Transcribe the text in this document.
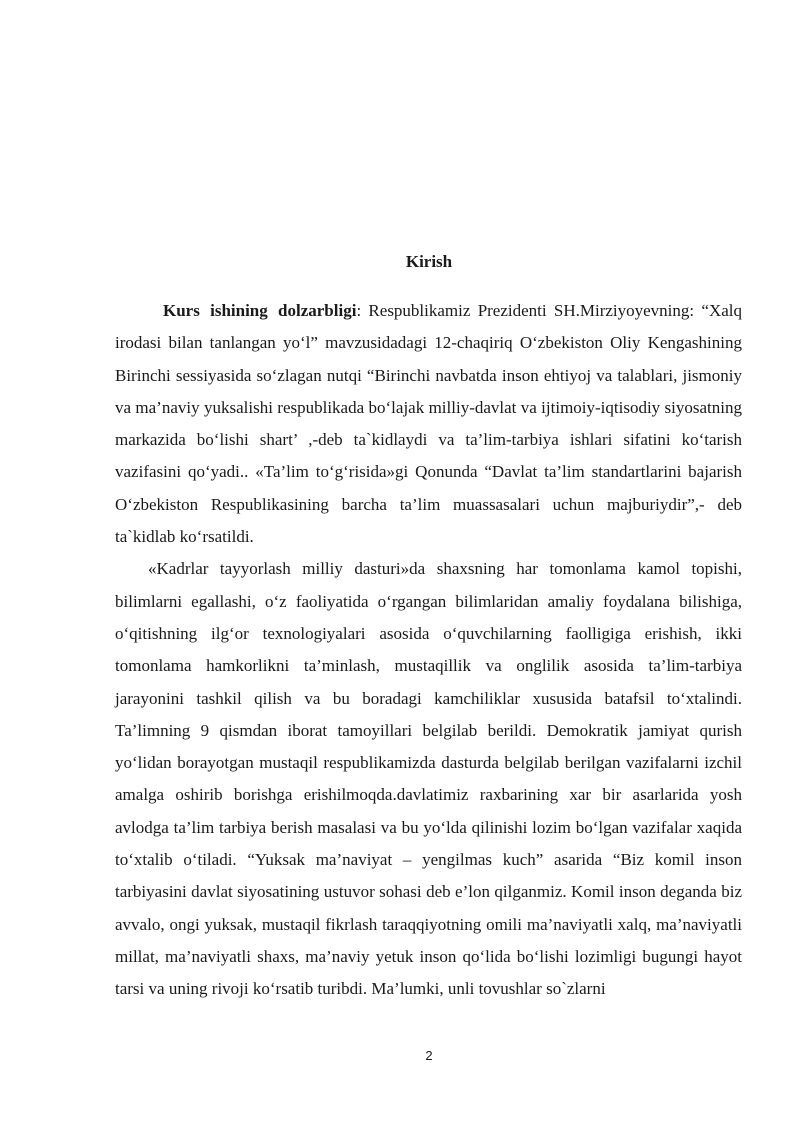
Kirish

Kurs ishining dolzarbligi: Respublikamiz Prezidenti SH.Mirziyoyevning: “Xalq irodasi bilan tanlangan yo‘l” mavzusidadagi 12-chaqiriq O‘zbekiston Oliy Kengashining Birinchi sessiyasida so‘zlagan nutqi “Birinchi navbatda inson ehtiyoj va talablari, jismoniy va ma’naviy yuksalishi respublikada bo‘lajak milliy-davlat va ijtimoiy-iqtisodiy siyosatning markazida bo‘lishi shart’ ,-deb ta`kidlaydi va ta’lim-tarbiya ishlari sifatini ko‘tarish vazifasini qo‘yadi.. «Ta’lim to‘g‘risida»gi Qonunda “Davlat ta’lim standartlarini bajarish O‘zbekiston Respublikasining barcha ta’lim muassasalari uchun majburiydir”,- deb ta`kidlab ko‘rsatildi.

«Kadrlar tayyorlash milliy dasturi»da shaxsning har tomonlama kamol topishi, bilimlarni egallashi, o‘z faoliyatida o‘rgangan bilimlaridan amaliy foydalana bilishiga, o‘qitishning ilg‘or texnologiyalari asosida o‘quvchilarning faolligiga erishish, ikki tomonlama hamkorlikni ta’minlash, mustaqillik va onglilik asosida ta’lim-tarbiya jarayonini tashkil qilish va bu boradagi kamchiliklar xususida batafsil to‘xtalindi. Ta’limning 9 qismdan iborat tamoyillari belgilab berildi. Demokratik jamiyat qurish yo‘lidan borayotgan mustaqil respublikamizda dasturda belgilab berilgan vazifalarni izchil amalga oshirib borishga erishilmoqda.davlatimiz raxbarining xar bir asarlarida yosh avlodga ta’lim tarbiya berish masalasi va bu yo‘lda qilinishi lozim bo‘lgan vazifalar xaqida to‘xtalib o‘tiladi. “Yuksak ma’naviyat – yengilmas kuch” asarida “Biz komil inson tarbiyasini davlat siyosatining ustuvor sohasi deb e’lon qilganmiz. Komil inson deganda biz avvalo, ongi yuksak, mustaqil fikrlash taraqqiyotning omili ma’naviyatli xalq, ma’naviyatli millat, ma’naviyatli shaxs, ma’naviy yetuk inson qo‘lida bo‘lishi lozimligi bugungi hayot tarsi va uning rivoji ko‘rsatib turibdi. Ma’lumki, unli tovushlar so`zlarni

2
